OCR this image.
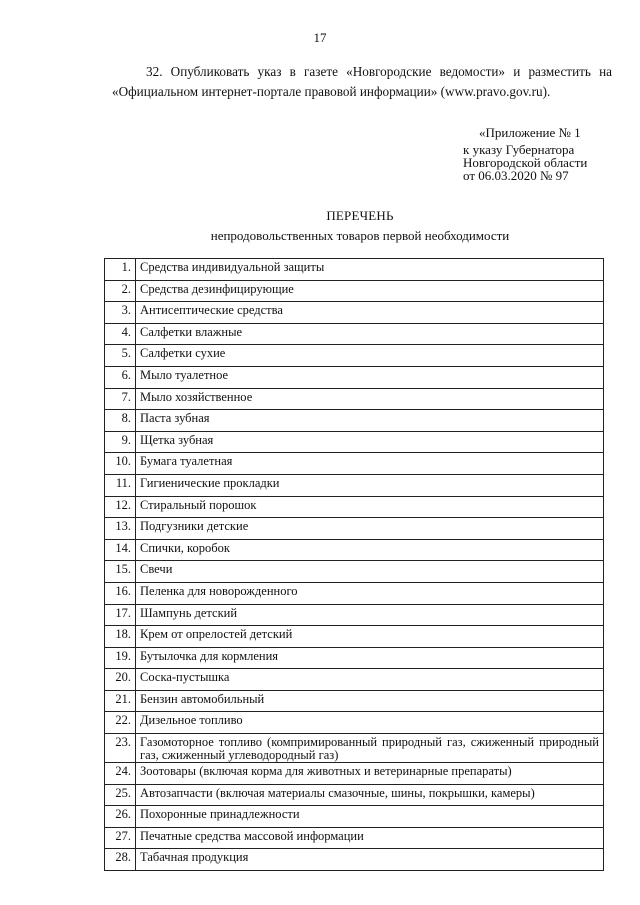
17
32. Опубликовать указ в газете «Новгородские ведомости» и разместить на «Официальном интернет-портале правовой информации» (www.pravo.gov.ru).
«Приложение № 1
к указу Губернатора
Новгородской области
от 06.03.2020 № 97
ПЕРЕЧЕНЬ
непродовольственных товаров первой необходимости
1.	Средства индивидуальной защиты
2.	Средства дезинфицирующие
3.	Антисептические средства
4.	Салфетки влажные
5.	Салфетки сухие
6.	Мыло туалетное
7.	Мыло хозяйственное
8.	Паста зубная
9.	Щетка зубная
10.	Бумага туалетная
11.	Гигиенические прокладки
12.	Стиральный порошок
13.	Подгузники детские
14.	Спички, коробок
15.	Свечи
16.	Пеленка для новорожденного
17.	Шампунь детский
18.	Крем от опрелостей детский
19.	Бутылочка для кормления
20.	Соска-пустышка
21.	Бензин автомобильный
22.	Дизельное топливо
23.	Газомоторное топливо (компримированный природный газ, сжиженный природный газ, сжиженный углеводородный газ)
24.	Зоотовары (включая корма для животных и ветеринарные препараты)
25.	Автозапчасти (включая материалы смазочные, шины, покрышки, камеры)
26.	Похоронные принадлежности
27.	Печатные средства массовой информации
28.	Табачная продукция
